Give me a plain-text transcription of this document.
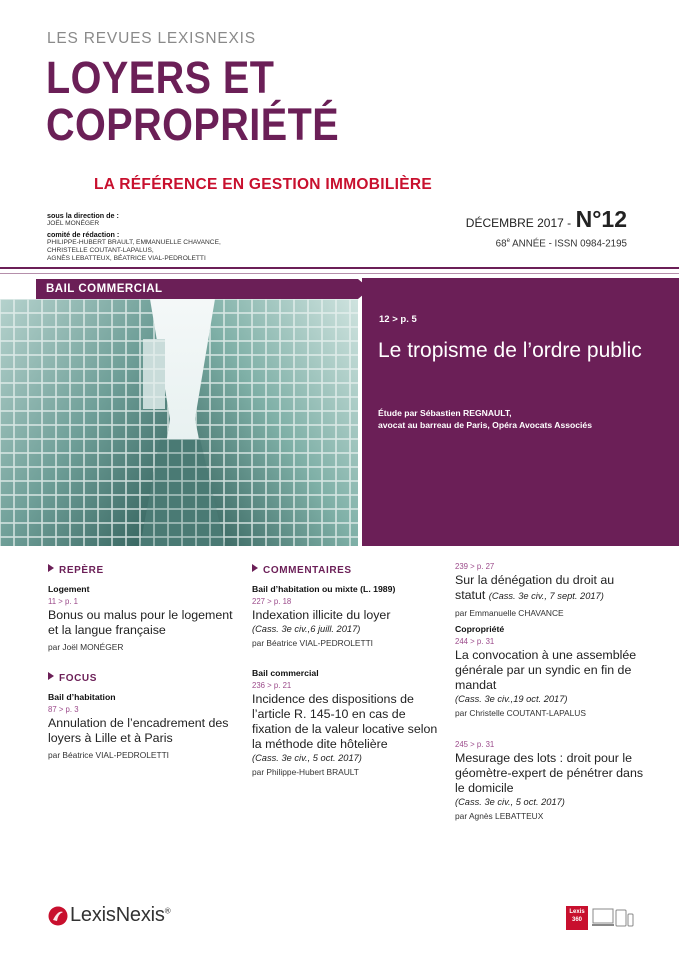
LES REVUES LEXISNEXIS
LOYERS ET
COPROPRIÉTÉ
LA RÉFÉRENCE EN GESTION IMMOBILIÈRE
sous la direction de :
JOËL MONÉGER
comité de rédaction :
PHILIPPE-HUBERT BRAULT, EMMANUELLE CHAVANCE,
CHRISTELLE COUTANT-LAPALUS,
AGNÈS LEBATTEUX, BÉATRICE VIAL-PEDROLETTI
DÉCEMBRE 2017 - N°12
68e ANNÉE - ISSN 0984-2195
BAIL COMMERCIAL
12 > p. 5
Le tropisme de l’ordre public
Étude par Sébastien REGNAULT,
avocat au barreau de Paris, Opéra Avocats Associés
REPÈRE
Logement
11 > p. 1
Bonus ou malus pour le logement et la langue française
par Joël MONÉGER
FOCUS
Bail d’habitation
87 > p. 3
Annulation de l’encadrement des loyers à Lille et à Paris
par Béatrice VIAL-PEDROLETTI
COMMENTAIRES
Bail d’habitation ou mixte (L. 1989)
227 > p. 18
Indexation illicite du loyer
(Cass. 3e civ.,6 juill. 2017)
par Béatrice VIAL-PEDROLETTI
Bail commercial
236 > p. 21
Incidence des dispositions de l’article R. 145-10 en cas de fixation de la valeur locative selon la méthode dite hôtelière
(Cass. 3e civ., 5 oct. 2017)
par Philippe-Hubert BRAULT
239 > p. 27
Sur la dénégation du droit au statut (Cass. 3e civ., 7 sept. 2017)
par Emmanuelle CHAVANCE
Copropriété
244 > p. 31
La convocation à une assemblée générale par un syndic en fin de mandat
(Cass. 3e civ.,19 oct. 2017)
par Christelle COUTANT-LAPALUS
245 > p. 31
Mesurage des lots : droit pour le géomètre-expert de pénétrer dans le domicile
(Cass. 3e civ., 5 oct. 2017)
par Agnès LEBATTEUX
LexisNexis®	Lexis
360
